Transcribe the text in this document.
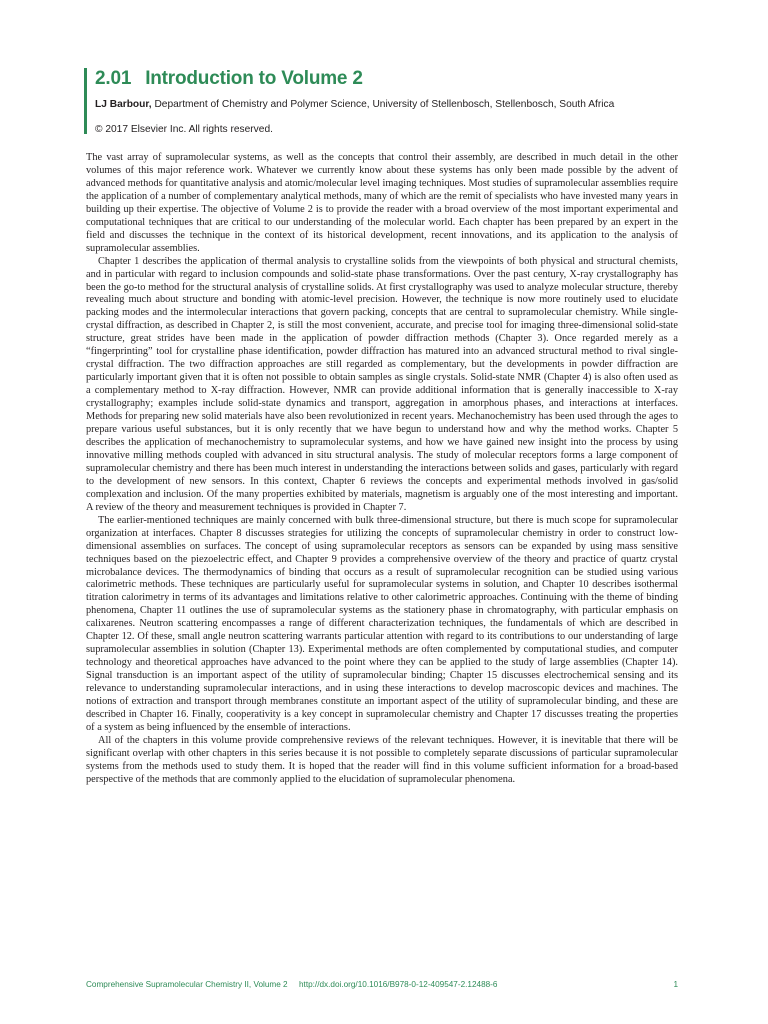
2.01 Introduction to Volume 2
LJ Barbour, Department of Chemistry and Polymer Science, University of Stellenbosch, Stellenbosch, South Africa
© 2017 Elsevier Inc. All rights reserved.

The vast array of supramolecular systems, as well as the concepts that control their assembly, are described in much detail in the other volumes of this major reference work. Whatever we currently know about these systems has only been made possible by the advent of advanced methods for quantitative analysis and atomic/molecular level imaging techniques. Most studies of supramolecular assemblies require the application of a number of complementary analytical methods, many of which are the remit of specialists who have invested many years in building up their expertise. The objective of Volume 2 is to provide the reader with a broad overview of the most important experimental and computational techniques that are critical to our understanding of the molecular world. Each chapter has been prepared by an expert in the field and discusses the technique in the context of its historical development, recent innovations, and its application to the analysis of supramolecular assemblies.

Chapter 1 describes the application of thermal analysis to crystalline solids from the viewpoints of both physical and structural chemists, and in particular with regard to inclusion compounds and solid-state phase transformations. Over the past century, X-ray crystallography has been the go-to method for the structural analysis of crystalline solids. At first crystallography was used to analyze molecular structure, thereby revealing much about structure and bonding with atomic-level precision. However, the technique is now more routinely used to elucidate packing modes and the intermolecular interactions that govern packing, concepts that are central to supramolecular chemistry. While single-crystal diffraction, as described in Chapter 2, is still the most convenient, accurate, and precise tool for imaging three-dimensional solid-state structure, great strides have been made in the application of powder diffraction methods (Chapter 3). Once regarded merely as a “fingerprinting” tool for crystalline phase identification, powder diffraction has matured into an advanced structural method to rival single-crystal diffraction. The two diffraction approaches are still regarded as complementary, but the developments in powder diffraction are particularly important given that it is often not possible to obtain samples as single crystals. Solid-state NMR (Chapter 4) is also often used as a complementary method to X-ray diffraction. However, NMR can provide additional information that is generally inaccessible to X-ray crystallography; examples include solid-state dynamics and transport, aggregation in amorphous phases, and interactions at interfaces. Methods for preparing new solid materials have also been revolutionized in recent years. Mechanochemistry has been used through the ages to prepare various useful substances, but it is only recently that we have begun to understand how and why the method works. Chapter 5 describes the application of mechanochemistry to supramolecular systems, and how we have gained new insight into the process by using innovative milling methods coupled with advanced in situ structural analysis. The study of molecular receptors forms a large component of supramolecular chemistry and there has been much interest in understanding the interactions between solids and gases, particularly with regard to the development of new sensors. In this context, Chapter 6 reviews the concepts and experimental methods involved in gas/solid complexation and inclusion. Of the many properties exhibited by materials, magnetism is arguably one of the most interesting and important. A review of the theory and measurement techniques is provided in Chapter 7.

The earlier-mentioned techniques are mainly concerned with bulk three-dimensional structure, but there is much scope for supramolecular organization at interfaces. Chapter 8 discusses strategies for utilizing the concepts of supramolecular chemistry in order to construct low-dimensional assemblies on surfaces. The concept of using supramolecular receptors as sensors can be expanded by using mass sensitive techniques based on the piezoelectric effect, and Chapter 9 provides a comprehensive overview of the theory and practice of quartz crystal microbalance devices. The thermodynamics of binding that occurs as a result of supramolecular recognition can be studied using various calorimetric methods. These techniques are particularly useful for supramolecular systems in solution, and Chapter 10 describes isothermal titration calorimetry in terms of its advantages and limitations relative to other calorimetric approaches. Continuing with the theme of binding phenomena, Chapter 11 outlines the use of supramolecular systems as the stationery phase in chromatography, with particular emphasis on calixarenes. Neutron scattering encompasses a range of different characterization techniques, the fundamentals of which are described in Chapter 12. Of these, small angle neutron scattering warrants particular attention with regard to its contributions to our understanding of large supramolecular assemblies in solution (Chapter 13). Experimental methods are often complemented by computational studies, and computer technology and theoretical approaches have advanced to the point where they can be applied to the study of large assemblies (Chapter 14). Signal transduction is an important aspect of the utility of supramolecular binding; Chapter 15 discusses electrochemical sensing and its relevance to understanding supramolecular interactions, and in using these interactions to develop macroscopic devices and machines. The notions of extraction and transport through membranes constitute an important aspect of the utility of supramolecular binding, and these are described in Chapter 16. Finally, cooperativity is a key concept in supramolecular chemistry and Chapter 17 discusses treating the properties of a system as being influenced by the ensemble of interactions.

All of the chapters in this volume provide comprehensive reviews of the relevant techniques. However, it is inevitable that there will be significant overlap with other chapters in this series because it is not possible to completely separate discussions of particular supramolecular systems from the methods used to study them. It is hoped that the reader will find in this volume sufficient information for a broad-based perspective of the methods that are commonly applied to the elucidation of supramolecular phenomena.

Comprehensive Supramolecular Chemistry II, Volume 2 http://dx.doi.org/10.1016/B978-0-12-409547-2.12488-6	1
